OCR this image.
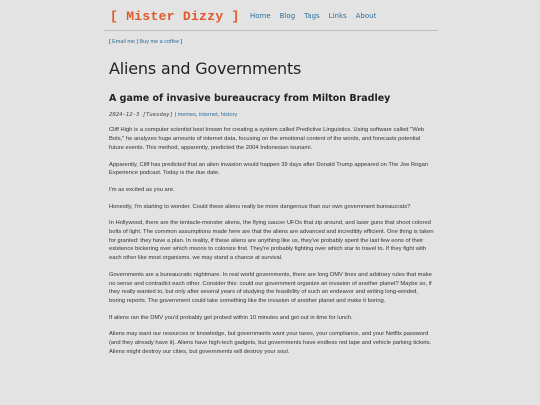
[ Mister Dizzy ] Home Blog Tags Links About

[ Email me | Buy me a coffee ]

Aliens and Governments
A game of invasive bureaucracy from Milton Bradley

2024-12-3 [Tuesday] | memes, internet, history

Cliff High is a computer scientist best known for creating a system called Predictive Linguistics. Using software called "Web Bots," he analyzes huge amounts of internet data, focusing on the emotional content of the words, and forecasts potential future events. This method, apparently, predicted the 2004 Indonesian tsunami.

Apparently, Cliff has predicted that an alien invasion would happen 39 days after Donald Trump appeared on The Joe Rogan Experience podcast. Today is the due date.

I'm as excited as you are.

Honestly, I'm starting to wonder. Could these aliens really be more dangerous than our own government bureaucrats?

In Hollywood, there are the tentacle-monster aliens, the flying saucer UFOs that zip around, and laser guns that shoot colored bolts of light. The common assumptions made here are that the aliens are advanced and incredibly efficient. One thing is taken for granted: they have a plan. In reality, if these aliens are anything like us, they've probably spent the last few eons of their existence bickering over which moons to colonize first. They're probably fighting over which star to travel to. If they fight with each other like most organisms, we may stand a chance at survival.

Governments are a bureaucratic nightmare. In real world governments, there are long DMV lines and arbitrary rules that make no sense and contradict each other. Consider this: could our government organize an invasion of another planet? Maybe so, if they really wanted to, but only after several years of studying the feasibility of such an endeavor and writing long-winded, boring reports. The government could take something like the invasion of another planet and make it boring.

If aliens ran the DMV you'd probably get probed within 10 minutes and get out in time for lunch.

Aliens may want our resources or knowledge, but governments want your taxes, your compliance, and your Netflix password (and they already have it). Aliens have high-tech gadgets, but governments have endless red tape and vehicle parking tickets. Aliens might destroy our cities, but governments will destroy your soul.
